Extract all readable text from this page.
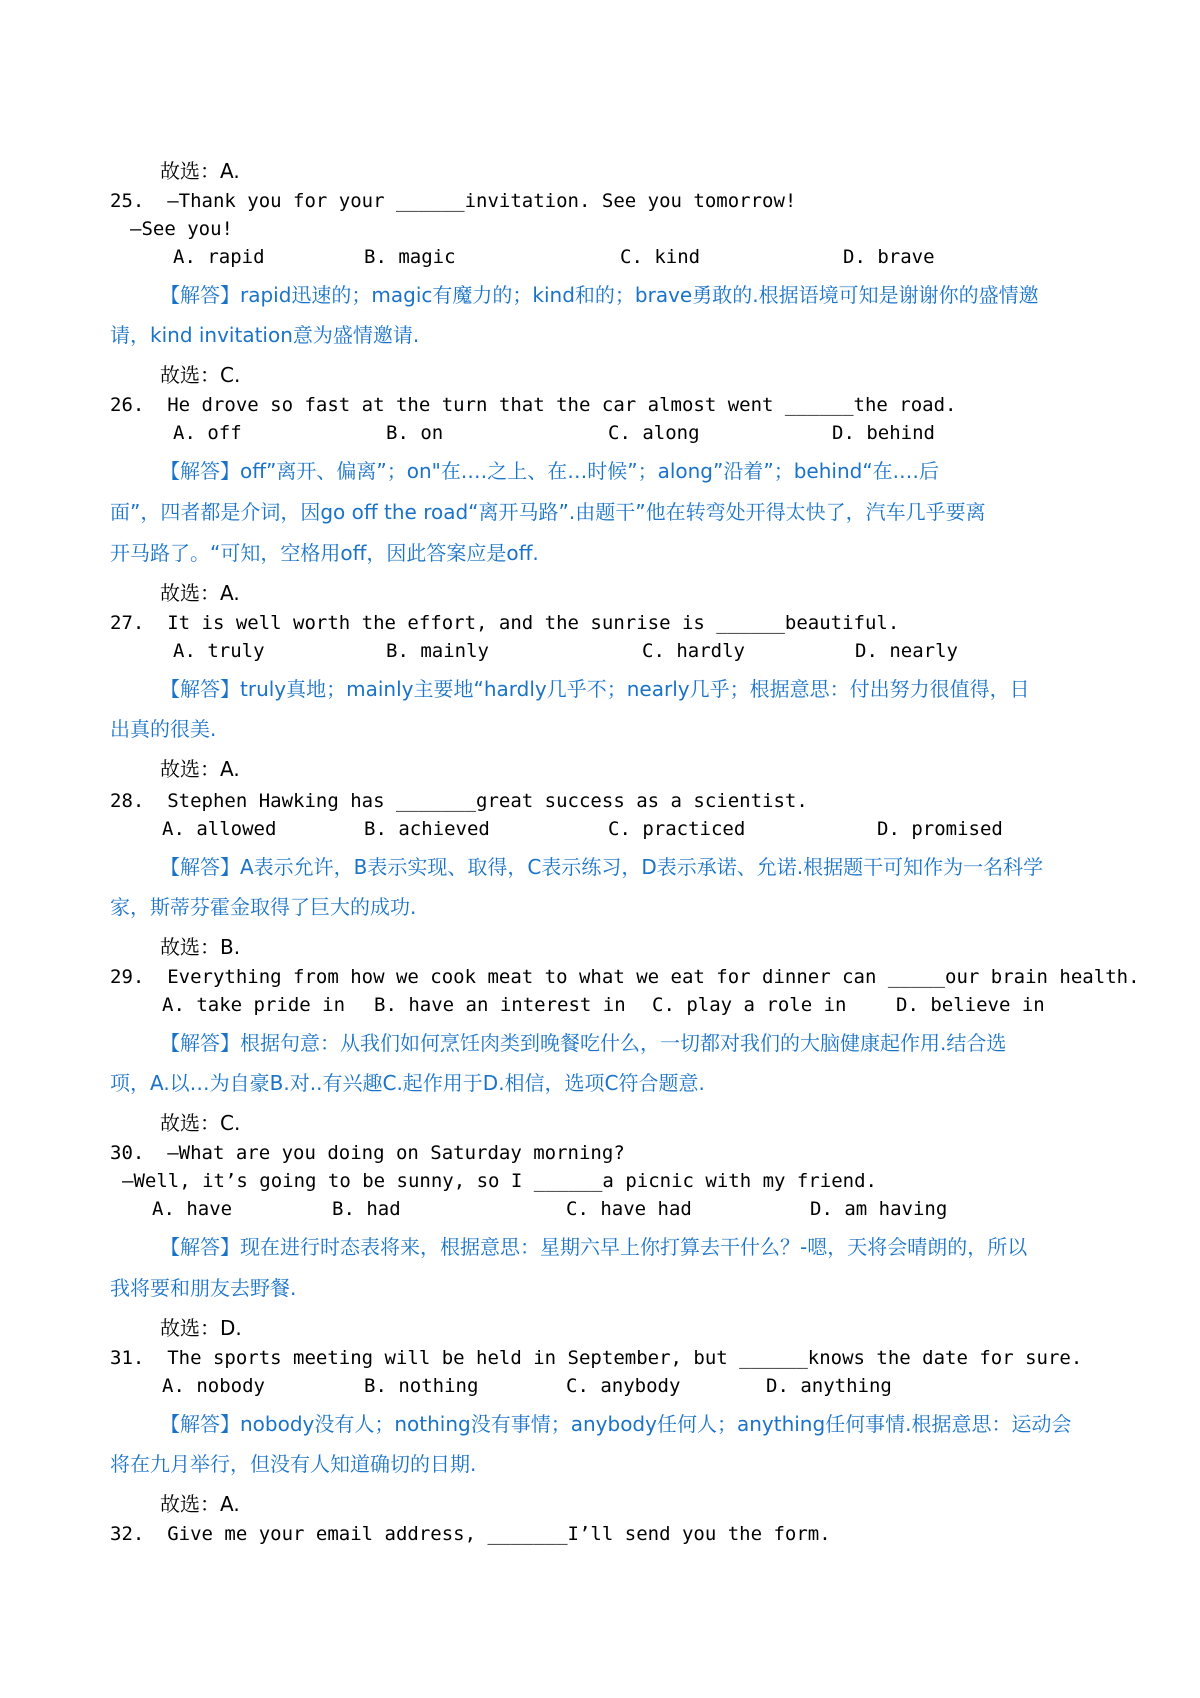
故选：A.
25.  —Thank you for your ______invitation. See you tomorrow!
—See you!
A. rapid	B. magic	C. kind	D. brave
【解答】rapid迅速的；magic有魔力的；kind和的；brave勇敢的.根据语境可知是谢谢你的盛情邀
请，kind invitation意为盛情邀请.
故选：C.
26.  He drove so fast at the turn that the car almost went ______the road.
A. off	B. on	C. along	D. behind
【解答】off”离开、偏离”；on"在.…之上、在…时候”；along”沿着”；behind“在.…后
面”，四者都是介词，因go off the road“离开马路”.由题干”他在转弯处开得太快了，汽车几乎要离
开马路了。“可知，空格用off，因此答案应是off.
故选：A.
27.  It is well worth the effort, and the sunrise is ______beautiful.
A. truly	B. mainly	C. hardly	D. nearly
【解答】truly真地；mainly主要地“hardly几乎不；nearly几乎；根据意思：付出努力很值得，日
出真的很美.
故选：A.
28.  Stephen Hawking has _______great success as a scientist.
A. allowed	B. achieved	C. practiced	D. promised
【解答】A表示允许，B表示实现、取得，C表示练习，D表示承诺、允诺.根据题干可知作为一名科学
家，斯蒂芬霍金取得了巨大的成功.
故选：B.
29.  Everything from how we cook meat to what we eat for dinner can _____our brain health.
A. take pride in B. have an interest in C. play a role in	D. believe in
【解答】根据句意：从我们如何烹饪肉类到晚餐吃什么，一切都对我们的大脑健康起作用.结合选
项，A.以…为自豪B.对..有兴趣C.起作用于D.相信，选项C符合题意.
故选：C.
30.  —What are you doing on Saturday morning?
—Well, it’s going to be sunny, so I ______a picnic with my friend.
A. have	B. had	C. have had	D. am having
【解答】现在进行时态表将来，根据意思：星期六早上你打算去干什么？-嗯，天将会晴朗的，所以
我将要和朋友去野餐.
故选：D.
31.  The sports meeting will be held in September, but ______knows the date for sure.
A. nobody	B. nothing	C. anybody	D. anything
【解答】nobody没有人；nothing没有事情；anybody任何人；anything任何事情.根据意思：运动会
将在九月举行，但没有人知道确切的日期.
故选：A.
32.  Give me your email address, _______I’ll send you the form.
